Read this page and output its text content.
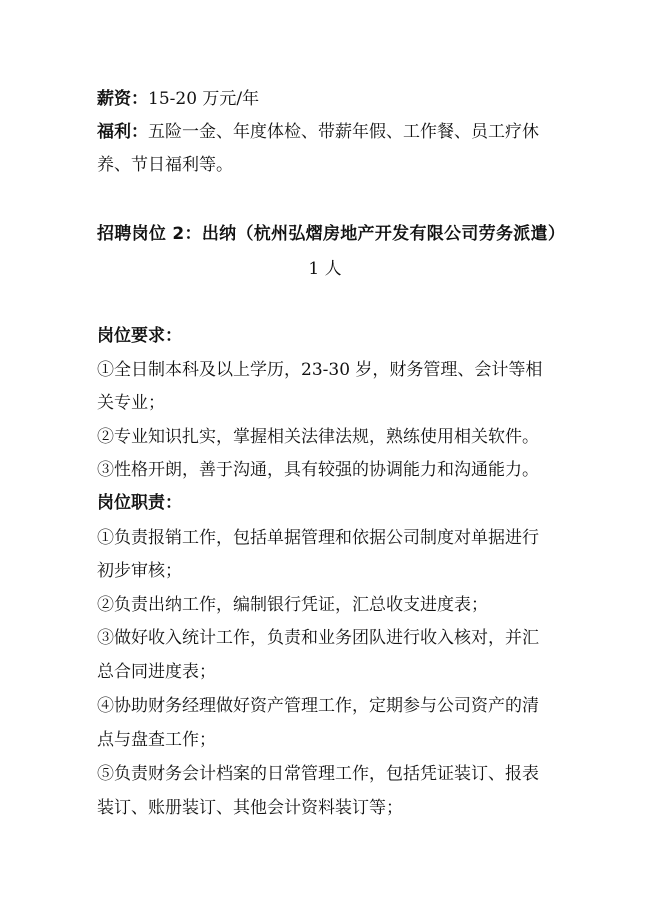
薪资：15-20 万元/年
福利：五险一金、年度体检、带薪年假、工作餐、员工疗休
养、节日福利等。
招聘岗位 2：出纳（杭州弘熠房地产开发有限公司劳务派遣）
1 人
岗位要求：
①全日制本科及以上学历，23-30 岁，财务管理、会计等相
关专业；
②专业知识扎实，掌握相关法律法规，熟练使用相关软件。
③性格开朗，善于沟通，具有较强的协调能力和沟通能力。
岗位职责：
①负责报销工作，包括单据管理和依据公司制度对单据进行
初步审核；
②负责出纳工作，编制银行凭证，汇总收支进度表；
③做好收入统计工作，负责和业务团队进行收入核对，并汇
总合同进度表；
④协助财务经理做好资产管理工作，定期参与公司资产的清
点与盘查工作；
⑤负责财务会计档案的日常管理工作，包括凭证装订、报表
装订、账册装订、其他会计资料装订等；
